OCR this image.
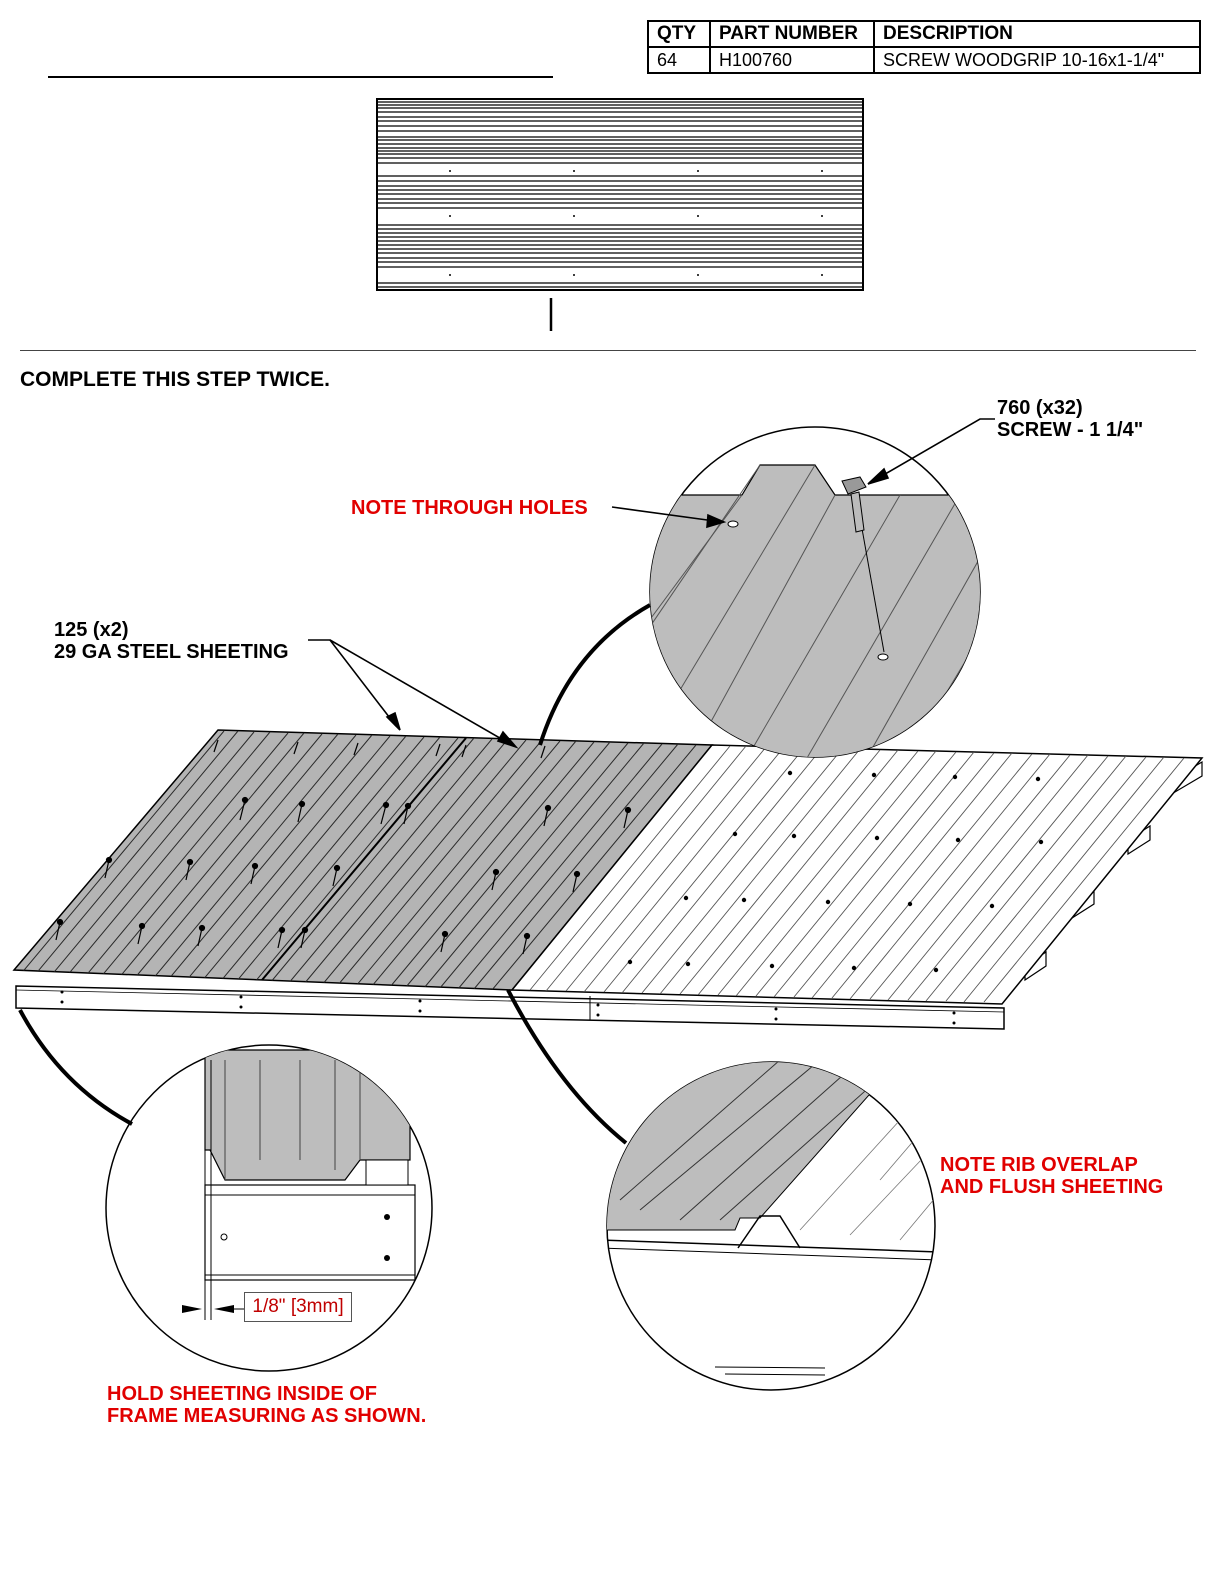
QTY	PART NUMBER	DESCRIPTION
64	H100760	SCREW WOODGRIP 10-16x1-1/4"
COMPLETE THIS STEP TWICE.
760 (x32)
SCREW - 1 1/4"
NOTE THROUGH HOLES
125 (x2)
29 GA STEEL SHEETING
NOTE RIB OVERLAP
AND FLUSH SHEETING
HOLD SHEETING INSIDE OF
FRAME MEASURING AS SHOWN.
1/8" [3mm]
